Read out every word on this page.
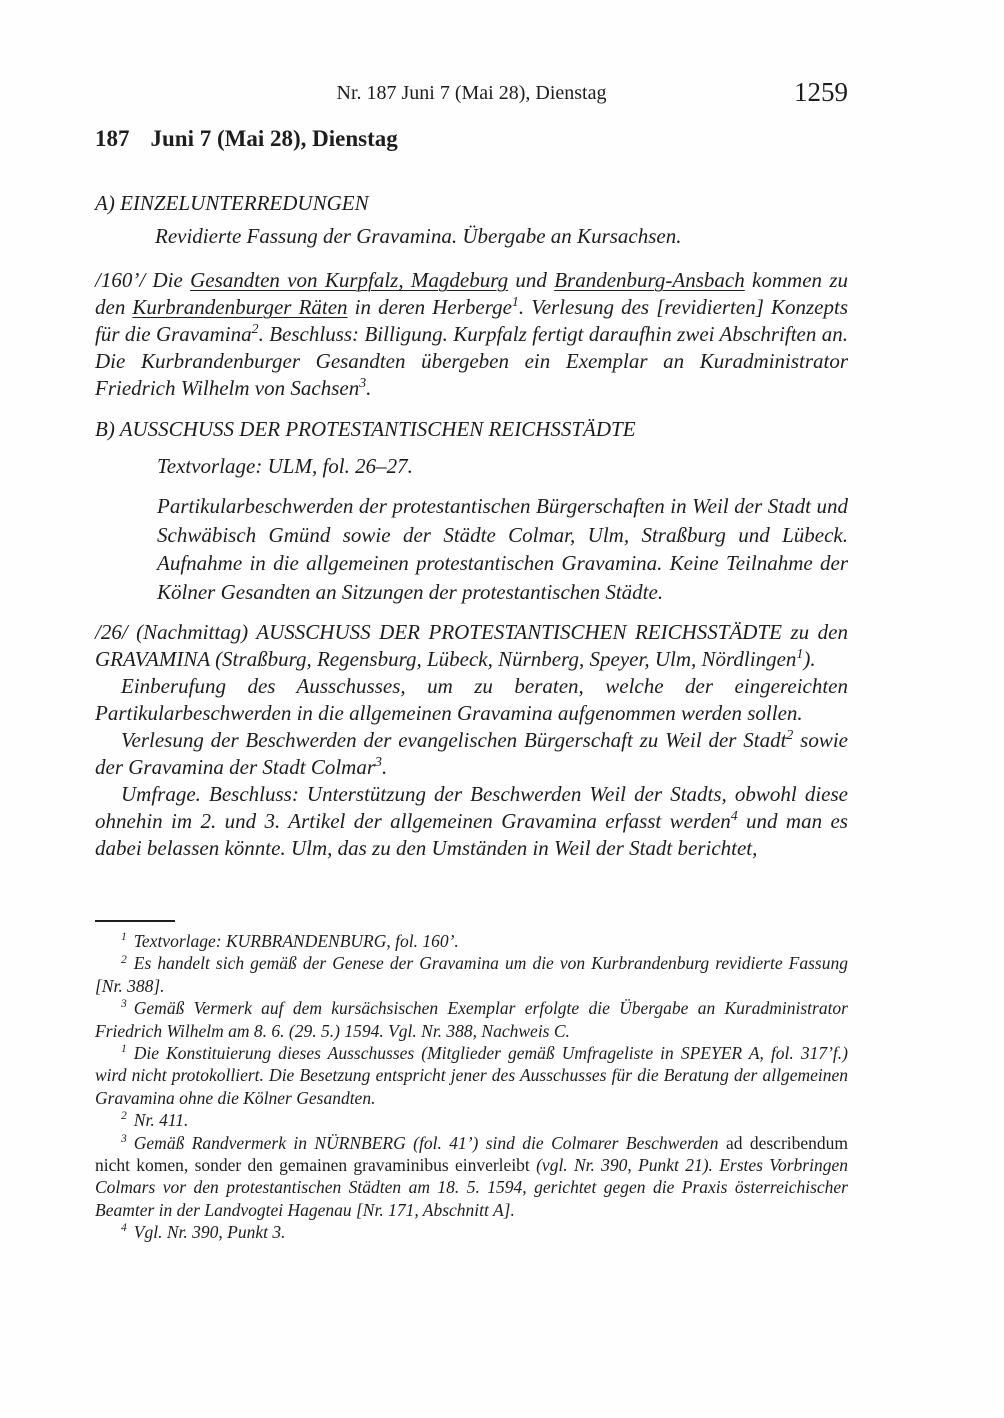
Nr. 187 Juni 7 (Mai 28), Dienstag	1259
187 Juni 7 (Mai 28), Dienstag
A) EINZELUNTERREDUNGEN

Revidierte Fassung der Gravamina. Übergabe an Kursachsen.

/160’/ Die Gesandten von Kurpfalz, Magdeburg und Brandenburg-Ansbach kommen zu den Kurbrandenburger Räten in deren Herberge$^1$. Verlesung des [revidierten] Konzepts für die Gravamina$^2$. Beschluss: Billigung. Kurpfalz fertigt daraufhin zwei Abschriften an. Die Kurbrandenburger Gesandten übergeben ein Exemplar an Kuradministrator Friedrich Wilhelm von Sachsen$^3$.

B) AUSSCHUSS DER PROTESTANTISCHEN REICHSSTÄDTE

Textvorlage: ULM, fol. 26–27.

Partikularbeschwerden der protestantischen Bürgerschaften in Weil der Stadt und Schwäbisch Gmünd sowie der Städte Colmar, Ulm, Straßburg und Lübeck. Aufnahme in die allgemeinen protestantischen Gravamina. Keine Teilnahme der Kölner Gesandten an Sitzungen der protestantischen Städte.

/26/ (Nachmittag) AUSSCHUSS DER PROTESTANTISCHEN REICHSSTÄDTE zu den GRAVAMINA (Straßburg, Regensburg, Lübeck, Nürnberg, Speyer, Ulm, Nördlingen$^1$).

Einberufung des Ausschusses, um zu beraten, welche der eingereichten Partikularbeschwerden in die allgemeinen Gravamina aufgenommen werden sollen.

Verlesung der Beschwerden der evangelischen Bürgerschaft zu Weil der Stadt$^2$ sowie der Gravamina der Stadt Colmar$^3$.

Umfrage. Beschluss: Unterstützung der Beschwerden Weil der Stadts, obwohl diese ohnehin im 2. und 3. Artikel der allgemeinen Gravamina erfasst werden$^4$ und man es dabei belassen könnte. Ulm, das zu den Umständen in Weil der Stadt berichtet,

$^1$ Textvorlage: KURBRANDENBURG, fol. 160’.

$^2$ Es handelt sich gemäß der Genese der Gravamina um die von Kurbrandenburg revidierte Fassung [Nr. 388].

$^3$ Gemäß Vermerk auf dem kursächsischen Exemplar erfolgte die Übergabe an Kuradministrator Friedrich Wilhelm am 8. 6. (29. 5.) 1594. Vgl. Nr. 388, Nachweis C.

$^1$ Die Konstituierung dieses Ausschusses (Mitglieder gemäß Umfrageliste in SPEYER A, fol. 317’f.) wird nicht protokolliert. Die Besetzung entspricht jener des Ausschusses für die Beratung der allgemeinen Gravamina ohne die Kölner Gesandten.

$^2$ Nr. 411.

$^3$ Gemäß Randvermerk in NÜRNBERG (fol. 41’) sind die Colmarer Beschwerden ad describendum nicht komen, sonder den gemainen gravaminibus einverleibt (vgl. Nr. 390, Punkt 21). Erstes Vorbringen Colmars vor den protestantischen Städten am 18. 5. 1594, gerichtet gegen die Praxis österreichischer Beamter in der Landvogtei Hagenau [Nr. 171, Abschnitt A].

$^4$ Vgl. Nr. 390, Punkt 3.
